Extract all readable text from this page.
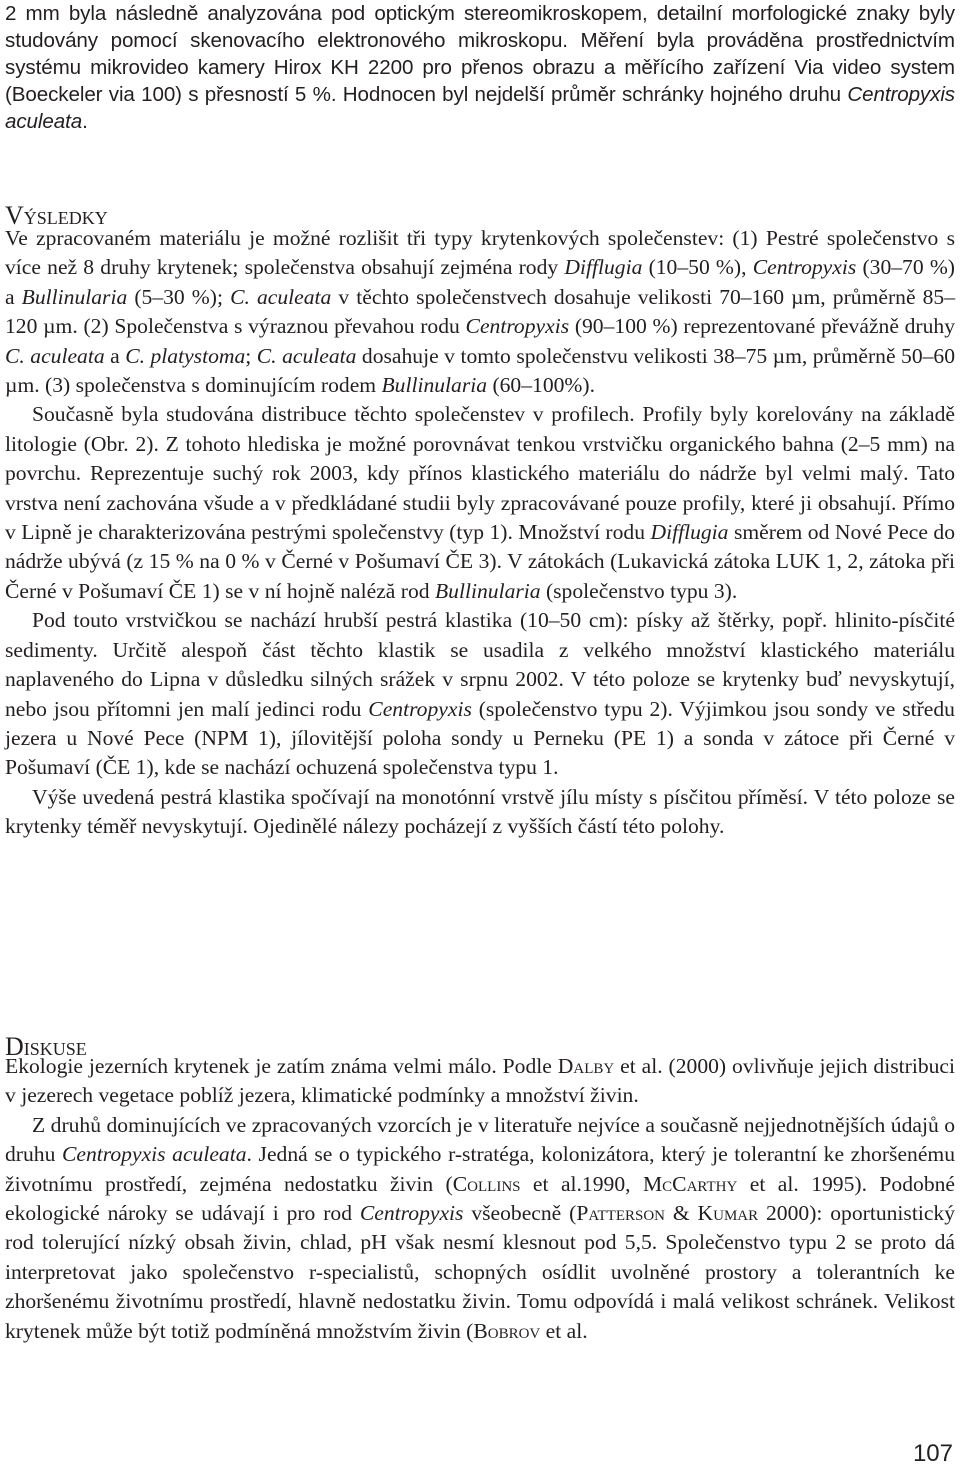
2 mm byla následně analyzována pod optickým stereomikroskopem, detailní morfologické znaky byly studovány pomocí skenovacího elektronového mikroskopu. Měření byla prováděna prostřednictvím systému mikrovideo kamery Hirox KH 2200 pro přenos obrazu a měřícího zařízení Via video system (Boeckeler via 100) s přesností 5 %. Hodnocen byl nejdelší průměr schránky hojného druhu Centropyxis aculeata.

Výsledky

Ve zpracovaném materiálu je možné rozlišit tři typy krytenkových společenstev: (1) Pestré společenstvo s více než 8 druhy krytenek; společenstva obsahují zejména rody Difflugia (10–50 %), Centropyxis (30–70 %) a Bullinularia (5–30 %); C. aculeata v těchto společenstvech dosahuje velikosti 70–160 µm, průměrně 85–120 µm. (2) Společenstva s výraznou převahou rodu Centropyxis (90–100 %) reprezentované převážně druhy C. aculeata a C. platystoma; C. aculeata dosahuje v tomto společenstvu velikosti 38–75 µm, průměrně 50–60 µm. (3) společenstva s dominujícím rodem Bullinularia (60–100%).

Současně byla studována distribuce těchto společenstev v profilech. Profily byly korelovány na základě litologie (Obr. 2). Z tohoto hlediska je možné porovnávat tenkou vrstvičku organického bahna (2–5 mm) na povrchu. Reprezentuje suchý rok 2003, kdy přínos klastického materiálu do nádrže byl velmi malý. Tato vrstva není zachována všude a v předkládané studii byly zpracovávané pouze profily, které ji obsahují. Přímo v Lipně je charakterizována pestrými společenstvy (typ 1). Množství rodu Difflugia směrem od Nové Pece do nádrže ubývá (z 15 % na 0 % v Černé v Pošumaví ČE 3). V zátokách (Lukavická zátoka LUK 1, 2, zátoka při Černé v Pošumaví ČE 1) se v ní hojně naléză rod Bullinularia (společenstvo typu 3).

Pod touto vrstvičkou se nachází hrubší pestrá klastika (10–50 cm): písky až štěrky, popř. hlinito-písčité sedimenty. Určitě alespoň část těchto klastik se usadila z velkého množství klastického materiálu naplaveného do Lipna v důsledku silných srážek v srpnu 2002. V této poloze se krytenky buď nevyskytují, nebo jsou přítomni jen malí jedinci rodu Centropyxis (společenstvo typu 2). Výjimkou jsou sondy ve středu jezera u Nové Pece (NPM 1), jílovitější poloha sondy u Perneku (PE 1) a sonda v zátoce při Černé v Pošumaví (ČE 1), kde se nachází ochuzená společenstva typu 1.

Výše uvedená pestrá klastika spočívají na monotónní vrstvě jílu místy s písčitou příměsí. V této poloze se krytenky téměř nevyskytují. Ojedinělé nálezy pocházejí z vyšších částí této polohy.

Diskuse

Ekologie jezerních krytenek je zatím známa velmi málo. Podle Dalby et al. (2000) ovlivňuje jejich distribuci v jezerech vegetace poblíž jezera, klimatické podmínky a množství živin.

Z druhů dominujících ve zpracovaných vzorcích je v literatuře nejvíce a současně nejjednotnějších údajů o druhu Centropyxis aculeata. Jedná se o typického r-stratéga, kolonizátora, který je tolerantní ke zhoršenému životnímu prostředí, zejména nedostatku živin (Collins et al.1990, McCarthy et al. 1995). Podobné ekologické nároky se udávají i pro rod Centropyxis všeobecně (Patterson & Kumar 2000): oportunistický rod tolerující nízký obsah živin, chlad, pH však nesmí klesnout pod 5,5. Společenstvo typu 2 se proto dá interpretovat jako společenstvo r-specialistů, schopných osídlit uvolněné prostory a tolerantních ke zhoršenému životnímu prostředí, hlavně nedostatku živin. Tomu odpovídá i malá velikost schránek. Velikost krytenek může být totiž podmíněná množstvím živin (Bobrov et al.

107
